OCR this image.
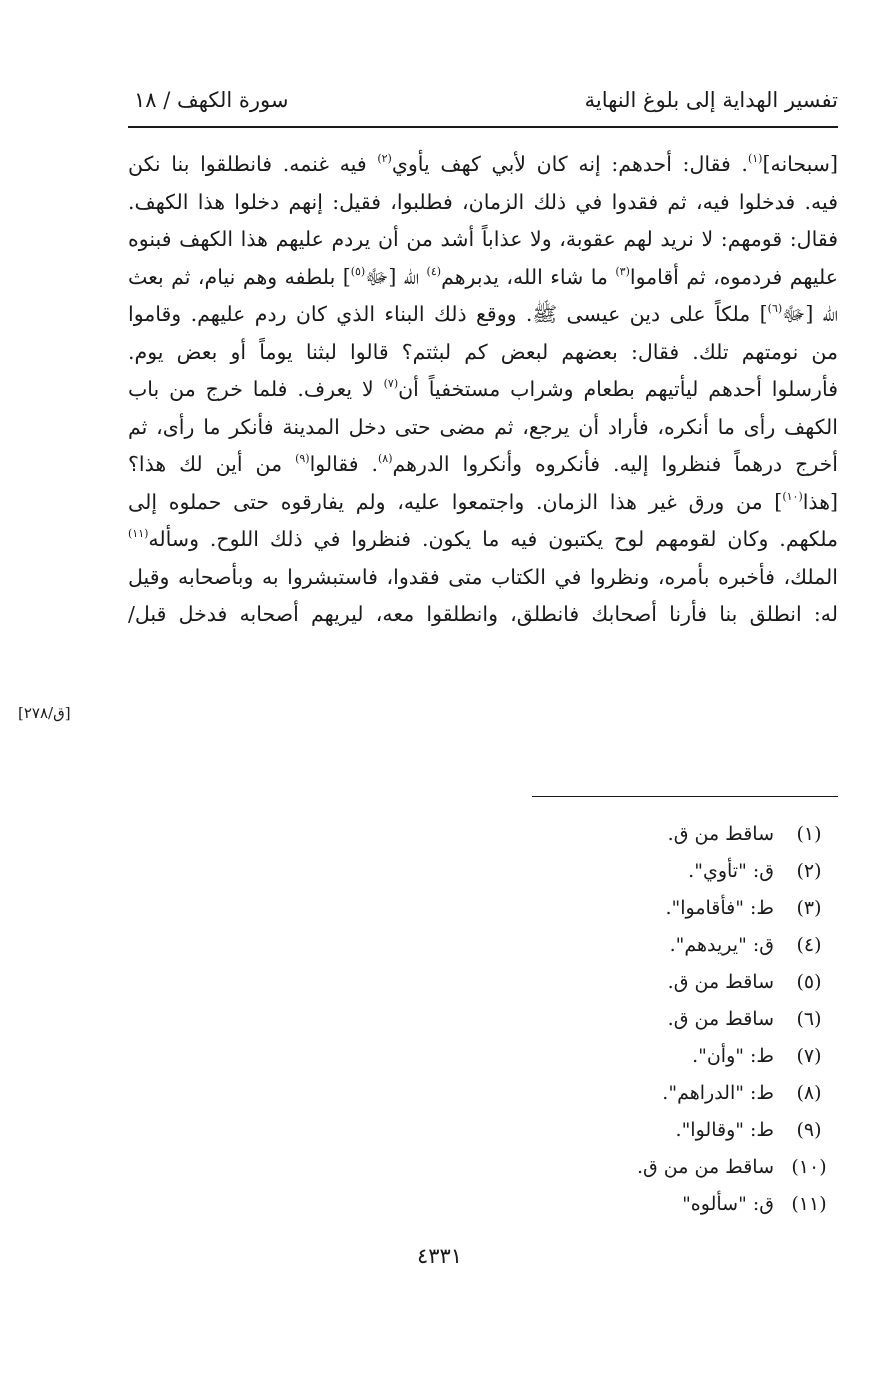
تفسير الهداية إلى بلوغ النهاية
سورة الكهف / ١٨
[سبحانه]$^{(١)}$. فقال: أحدهم: إنه كان لأبي كهف يأوي$^{(٢)}$ فيه غنمه. فانطلقوا بنا نكن
فيه. فدخلوا فيه، ثم فقدوا في ذلك الزمان، فطلبوا، فقيل: إنهم دخلوا هذا الكهف.
فقال: قومهم: لا نريد لهم عقوبة، ولا عذاباً أشد من أن يردم عليهم هذا الكهف فبنوه
عليهم فردموه، ثم أقاموا$^{(٣)}$ ما شاء الله، يدبرهم$^{(٤)}$ الله [ﷻ$^{(٥)}$] بلطفه وهم نيام، ثم بعث
الله [ﷻ$^{(٦)}$] ملكاً على دين عيسى ﷺ. ووقع ذلك البناء الذي كان ردم عليهم. وقاموا
من نومتهم تلك. فقال: بعضهم لبعض كم لبثتم؟ قالوا لبثنا يوماً أو بعض يوم.
فأرسلوا أحدهم ليأتيهم بطعام وشراب مستخفياً أن$^{(٧)}$ لا يعرف. فلما خرج من باب
الكهف رأى ما أنكره، فأراد أن يرجع، ثم مضى حتى دخل المدينة فأنكر ما رأى، ثم
أخرج درهماً فنظروا إليه. فأنكروه وأنكروا الدرهم$^{(٨)}$. فقالوا$^{(٩)}$ من أين لك هذا؟
[هذا$^{(١٠)}$] من ورق غير هذا الزمان. واجتمعوا عليه، ولم يفارقوه حتى حملوه إلى
ملكهم. وكان لقومهم لوح يكتبون فيه ما يكون. فنظروا في ذلك اللوح. وسأله$^{(١١)}$
الملك، فأخبره بأمره، ونظروا في الكتاب متى فقدوا، فاستبشروا به وبأصحابه وقيل
له: انطلق بنا فأرنا أصحابك فانطلق، وانطلقوا معه، ليريهم أصحابه فدخل قبل/
[ق/٢٧٨]
(١)ساقط من ق.
(٢)ق: "تأوي".
(٣)ط: "فأقاموا".
(٤)ق: "يريدهم".
(٥)ساقط من ق.
(٦)ساقط من ق.
(٧)ط: "وأن".
(٨)ط: "الدراهم".
(٩)ط: "وقالوا".
(١٠)ساقط من من ق.
(١١)ق: "سألوه"
٤٣٣١
